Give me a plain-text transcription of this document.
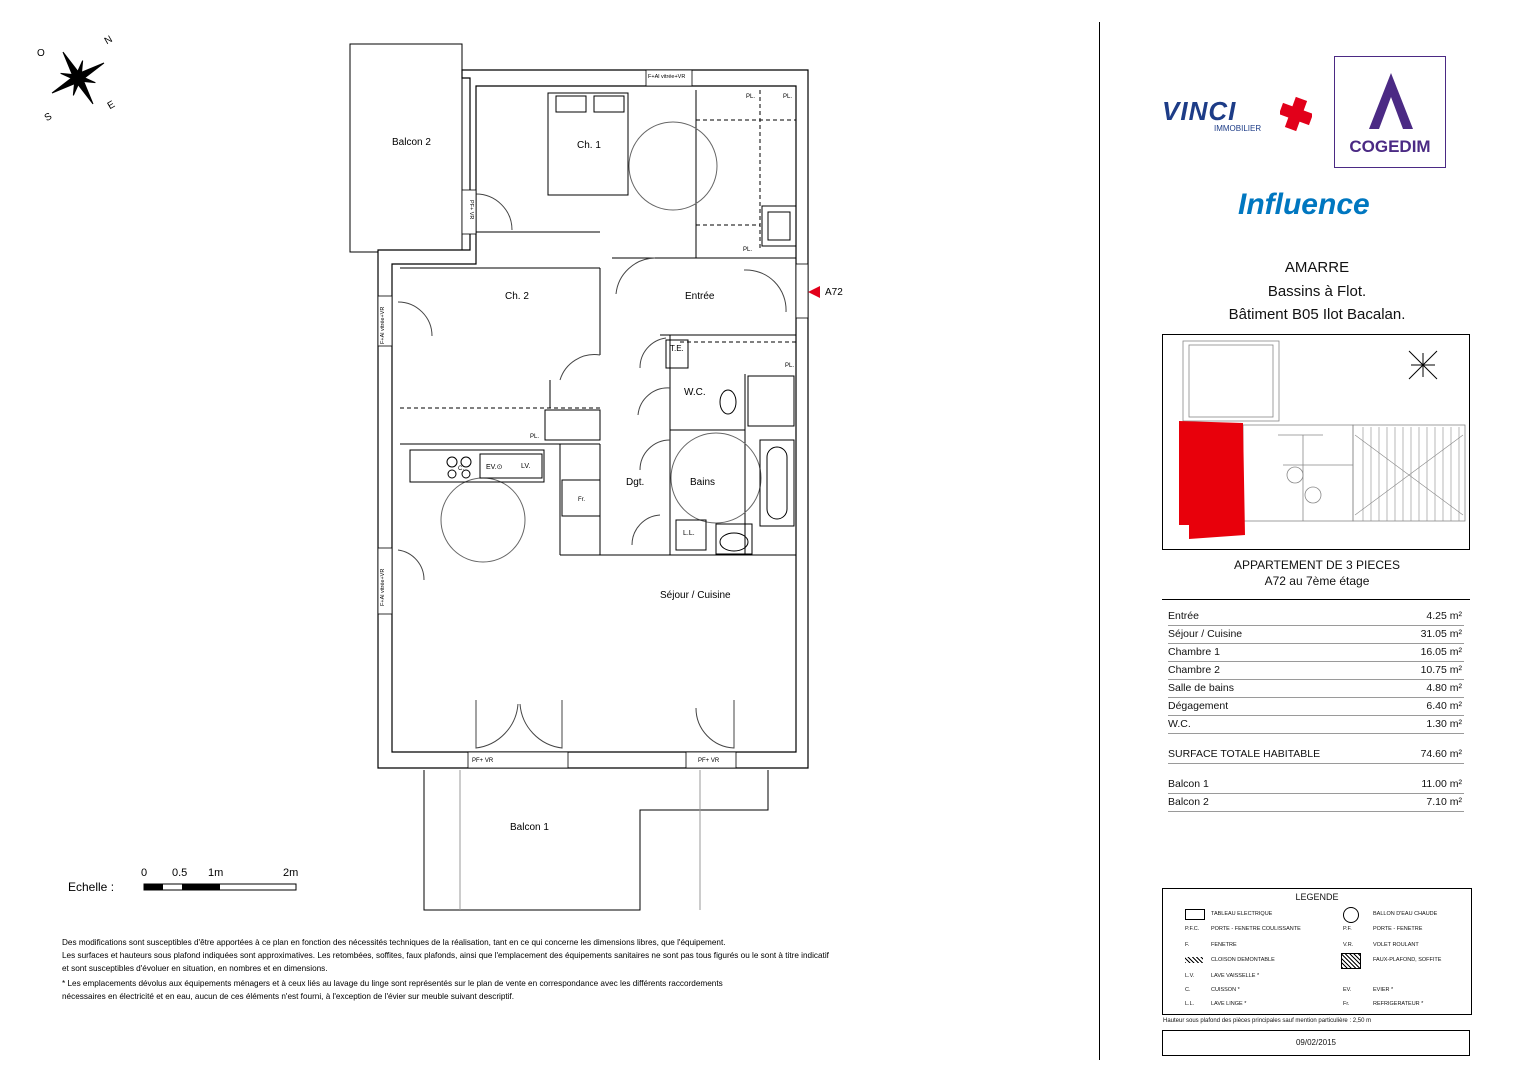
N
O
E
S
Balcon 2	Ch. 1
Ch. 2	Entrée
T.E.
W.C.
Dgt.	Bains
Séjour / Cuisine
Balcon 1
L.L.
LV.
EV.⊙
C.
Fr.
PL.	PL.
PL.
PL.
PL.
F+Al vitrée+VR
PF+ VR
F+Al vitrée+VR
F+Al vitrée+VR
PF+ VR	PF+ VR
A72
Echelle :
0 0.5 1m	2m
Des modifications sont susceptibles d'être apportées à ce plan en fonction des nécessités techniques de la réalisation, tant en ce qui concerne les dimensions libres, que l'équipement.
Les surfaces et hauteurs sous plafond indiquées sont approximatives. Les retombées, soffites, faux plafonds, ainsi que l'emplacement des équipements sanitaires ne sont pas tous figurés ou le sont à titre indicatif
et sont susceptibles d'évoluer en situation, en nombres et en dimensions.
* Les emplacements dévolus aux équipements ménagers et à ceux liés au lavage du linge sont représentés sur le plan de vente en correspondance avec les différents raccordements
nécessaires en électricité et en eau, aucun de ces éléments n'est fourni, à l'exception de l'évier sur meuble suivant descriptif.
VINCI
IMMOBILIER
COGEDIM
Influence
AMARRE
Bassins à Flot.
Bâtiment B05 Ilot Bacalan.
APPARTEMENT DE 3 PIECES
A72 au 7ème étage
Entrée	4.25 m²
Séjour / Cuisine	31.05 m²
Chambre 1	16.05 m²
Chambre 2	10.75 m²
Salle de bains	4.80 m²
Dégagement	6.40 m²
W.C.	1.30 m²
SURFACE TOTALE HABITABLE	74.60 m²
Balcon 1	11.00 m²
Balcon 2	7.10 m²
LEGENDE
TABLEAU ELECTRIQUE	BALLON D'EAU CHAUDE
P.F.C. PORTE - FENETRE COULISSANTE	P.F.	PORTE - FENETRE
F.	FENETRE	V.R.	VOLET ROULANT
CLOISON DEMONTABLE	FAUX-PLAFOND, SOFFITE
L.V.	LAVE VAISSELLE *
C.	CUISSON *	EV.	EVIER *
L.L.	LAVE LINGE *	Fr.	REFRIGERATEUR *
Hauteur sous plafond des pièces principales sauf mention particulière : 2,50 m
09/02/2015
